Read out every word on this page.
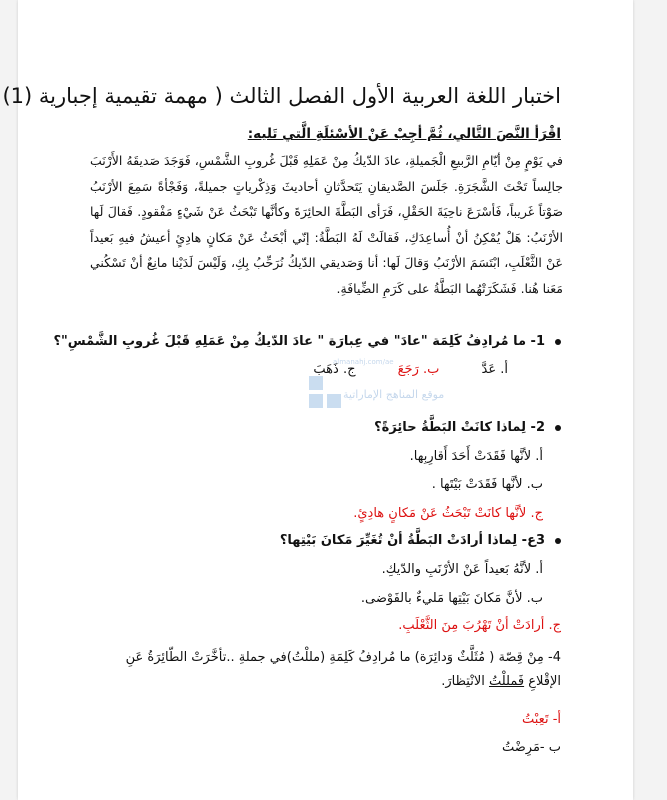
اختبار اللغة العربية الأول الفصل الثالث ( مهمة تقيمية إجبارية (1)
اقْرَأ النَّصَ التَّالي، ثُمَّ أجِبْ عَنْ الأسْئلَةِ الَّتي تَليه:

في يَوْمٍ مِنْ أيّامِ الرَّبيعِ الْجَميلةِ، عادَ الدّيكُ مِنْ عَمَلِهِ قَبْلَ غُروبِ الشَّمْسِ، فَوَجَدَ صَديقَهُ الأَرْنَبَ جالِساً تَحْتَ الشَّجَرَةِ. جَلَسَ الصَّديقانِ يَتَحدَّثانِ أحاديثَ وَذِكْرياتٍ جميلةً، وَفَجْأةً سَمِعَ الأرْنَبُ صَوْتاً غَريباً، فَأسْرَعَ ناحِيَةَ الحَقْلِ، فَرَأى البَطَّةَ الحائِرَةَ وكأنَّها تَبْحَثُ عَنْ شَيْءٍ مَفْقودٍ. فَقالَ لَها الأرْنَبُ: هَلْ يُمْكِنُ أنْ أُساعِدَكِ، فَقالَتْ لَهُ البَطَّةُ: إنّي أبْحَثُ عَنْ مَكانٍ هادِئٍ أعيشُ فيهِ بَعيداً عَنْ الثَّعْلَبِ، ابْتَسَمَ الأرْنَبُ وَقالَ لَها: أنا وَصَديقي الدّيكُ نُرَحِّبُ بِكِ، وَلَيْسَ لَدَيْنا مانِعٌ أنْ تَسْكُني مَعَنا هُنا. فَشَكَرَتْهُما البَطَّةُ على كَرَمِ الضِّيافَةِ.

almanahj.com/ae
موقع المناهج الإماراتية
1- ما مُرادِفُ كَلِمَة "عادَ" في عِبارَة " عادَ الدّيكُ مِنْ عَمَلِهِ قَبْلَ غُروبِ الشَّمْسِ"؟
أ. عَدَّ ب. رَجَعَ ج. ذَهَبَ
2- لِماذا كانَتْ البَطَّةُ حائِرَةً؟
أ. لأنَّها فَقَدَتْ أَحَدَ أَقارِبِها.
ب. لأنَّها فَقَدَتْ بَيْتَها .
ج. لأنَّها كانَتْ تَبْحَثُ عَنْ مَكانٍ هادِئٍ.
3ع- لِماذا أرادَتْ البَطَّةُ أنْ تُغَيِّرَ مَكانَ بَيْتِها؟
أ. لأنَّهُ بَعيداً عَنْ الأرْنَبِ والدّيكِ.
ب. لأنَّ مَكانَ بَيْتِها مَليءٌ بالفَوْضى.
ج. أرادَتْ أنْ تَهْرُبَ مِنَ الثَّعْلَبِ.
4- مِنْ قِصّة ( مُثَلَّثٌ وَدائِرَة) ما مُرادِفُ كَلِمَةِ (مللْتُ)في جملةِ ..تأخَّرَتْ الطّائِرَةُ عَنِ الإقْلاعِ فَمللْتُ الانْتِظارَ.
أ- تَعِبْتُ
ب -مَرِضْتُ
